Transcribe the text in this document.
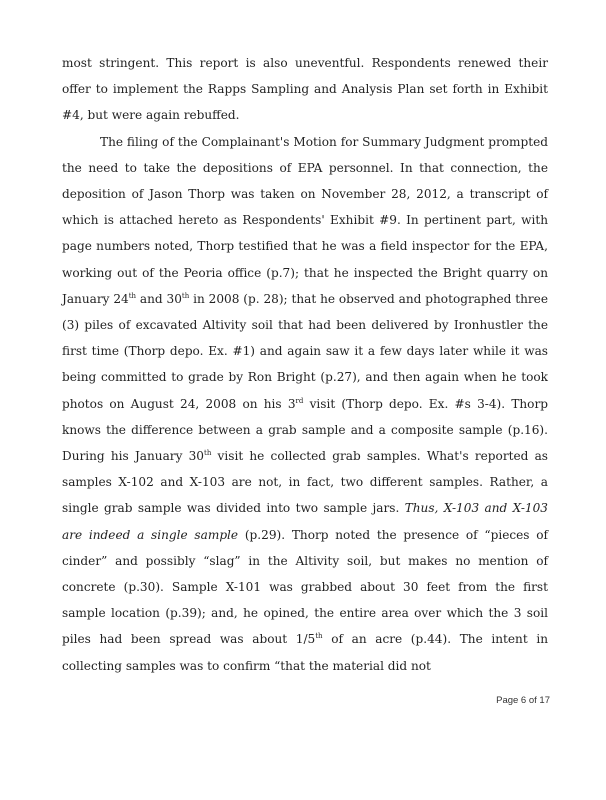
most stringent. This report is also uneventful. Respondents renewed their offer to implement the Rapps Sampling and Analysis Plan set forth in Exhibit #4, but were again rebuffed.

The filing of the Complainant's Motion for Summary Judgment prompted the need to take the depositions of EPA personnel. In that connection, the deposition of Jason Thorp was taken on November 28, 2012, a transcript of which is attached hereto as Respondents' Exhibit #9. In pertinent part, with page numbers noted, Thorp testified that he was a field inspector for the EPA, working out of the Peoria office (p.7); that he inspected the Bright quarry on January 24th and 30th in 2008 (p. 28); that he observed and photographed three (3) piles of excavated Altivity soil that had been delivered by Ironhustler the first time (Thorp depo. Ex. #1) and again saw it a few days later while it was being committed to grade by Ron Bright (p.27), and then again when he took photos on August 24, 2008 on his 3rd visit (Thorp depo. Ex. #s 3-4). Thorp knows the difference between a grab sample and a composite sample (p.16). During his January 30th visit he collected grab samples. What's reported as samples X-102 and X-103 are not, in fact, two different samples. Rather, a single grab sample was divided into two sample jars. Thus, X-103 and X-103 are indeed a single sample (p.29). Thorp noted the presence of “pieces of cinder” and possibly “slag” in the Altivity soil, but makes no mention of concrete (p.30). Sample X-101 was grabbed about 30 feet from the first sample location (p.39); and, he opined, the entire area over which the 3 soil piles had been spread was about 1/5th of an acre (p.44). The intent in collecting samples was to confirm “that the material did not

Page 6 of 17
